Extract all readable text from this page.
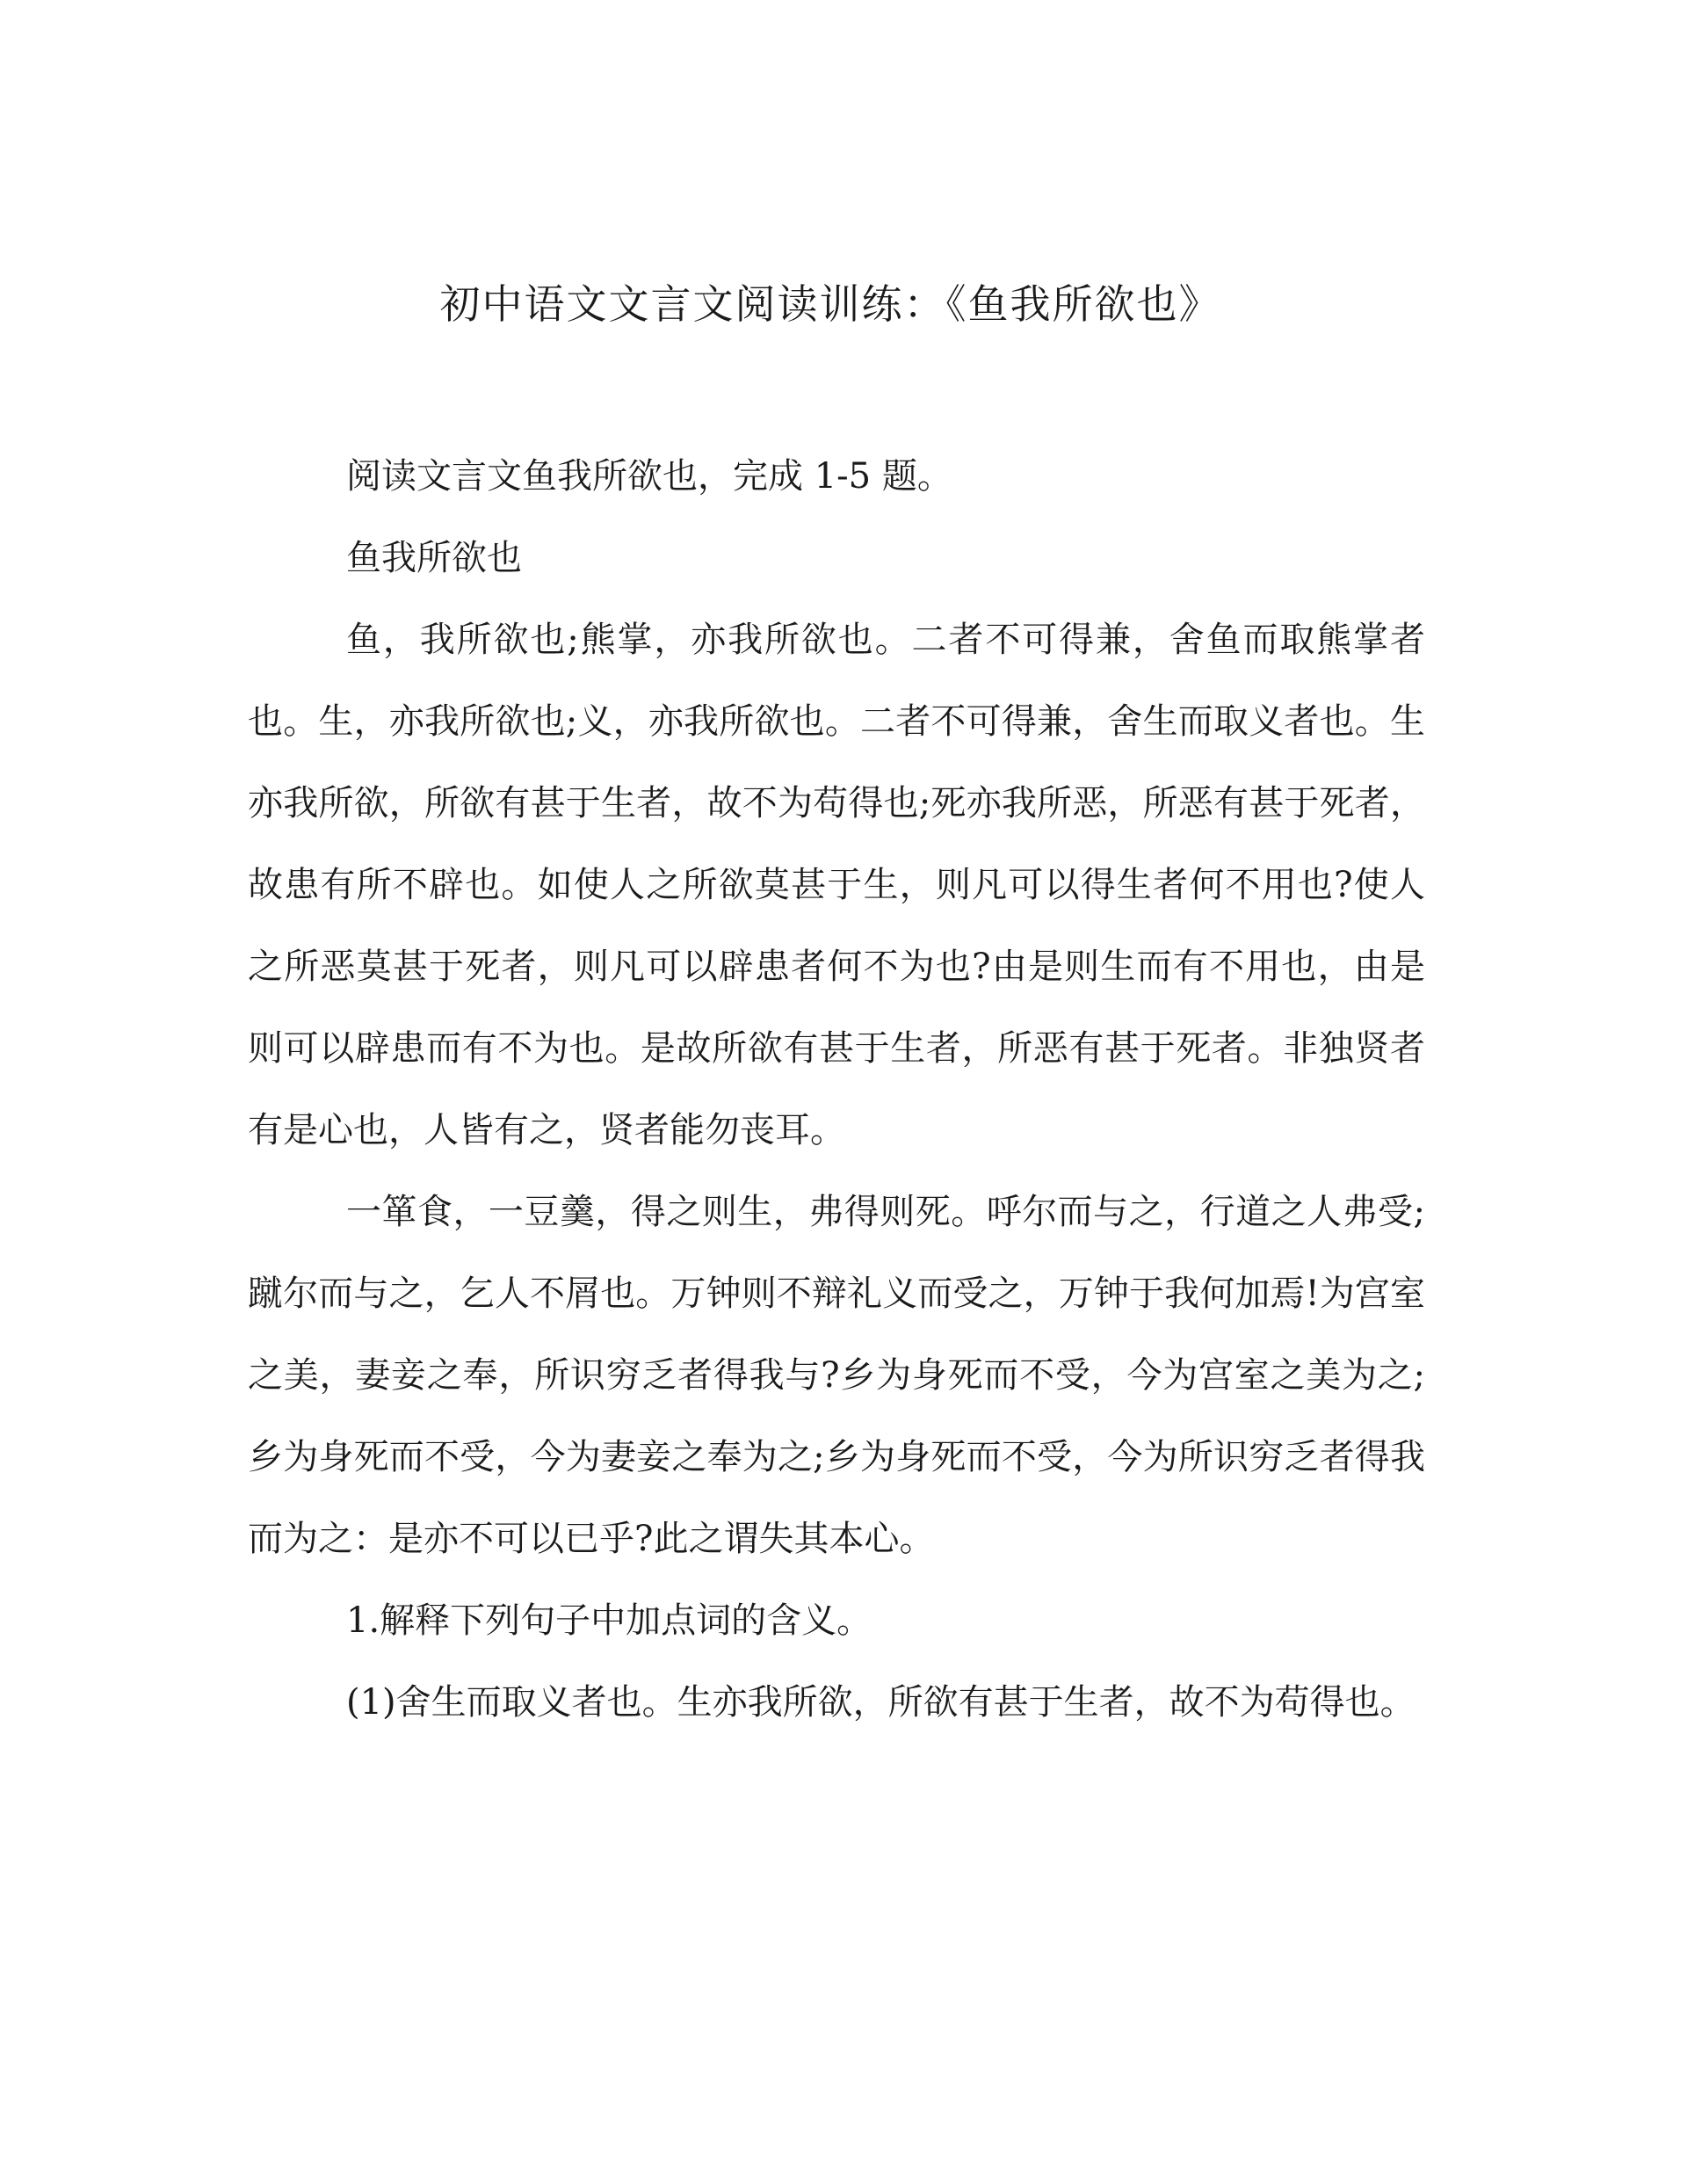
初中语文文言文阅读训练：《鱼我所欲也》

阅读文言文鱼我所欲也，完成 1-5 题。

鱼我所欲也

鱼，我所欲也;熊掌，亦我所欲也。二者不可得兼，舍鱼而取熊掌者也。生，亦我所欲也;义，亦我所欲也。二者不可得兼，舍生而取义者也。生亦我所欲，所欲有甚于生者，故不为苟得也;死亦我所恶，所恶有甚于死者，故患有所不辟也。如使人之所欲莫甚于生，则凡可以得生者何不用也?使人之所恶莫甚于死者，则凡可以辟患者何不为也?由是则生而有不用也，由是则可以辟患而有不为也。是故所欲有甚于生者，所恶有甚于死者。非独贤者有是心也，人皆有之，贤者能勿丧耳。

一箪食，一豆羹，得之则生，弗得则死。呼尔而与之，行道之人弗受;蹴尔而与之，乞人不屑也。万钟则不辩礼义而受之，万钟于我何加焉!为宫室之美，妻妾之奉，所识穷乏者得我与?乡为身死而不受，今为宫室之美为之;乡为身死而不受，今为妻妾之奉为之;乡为身死而不受，今为所识穷乏者得我而为之：是亦不可以已乎?此之谓失其本心。

1.解释下列句子中加点词的含义。

(1)舍生而取义者也。生亦我所欲，所欲有甚于生者，故不为苟得也。
